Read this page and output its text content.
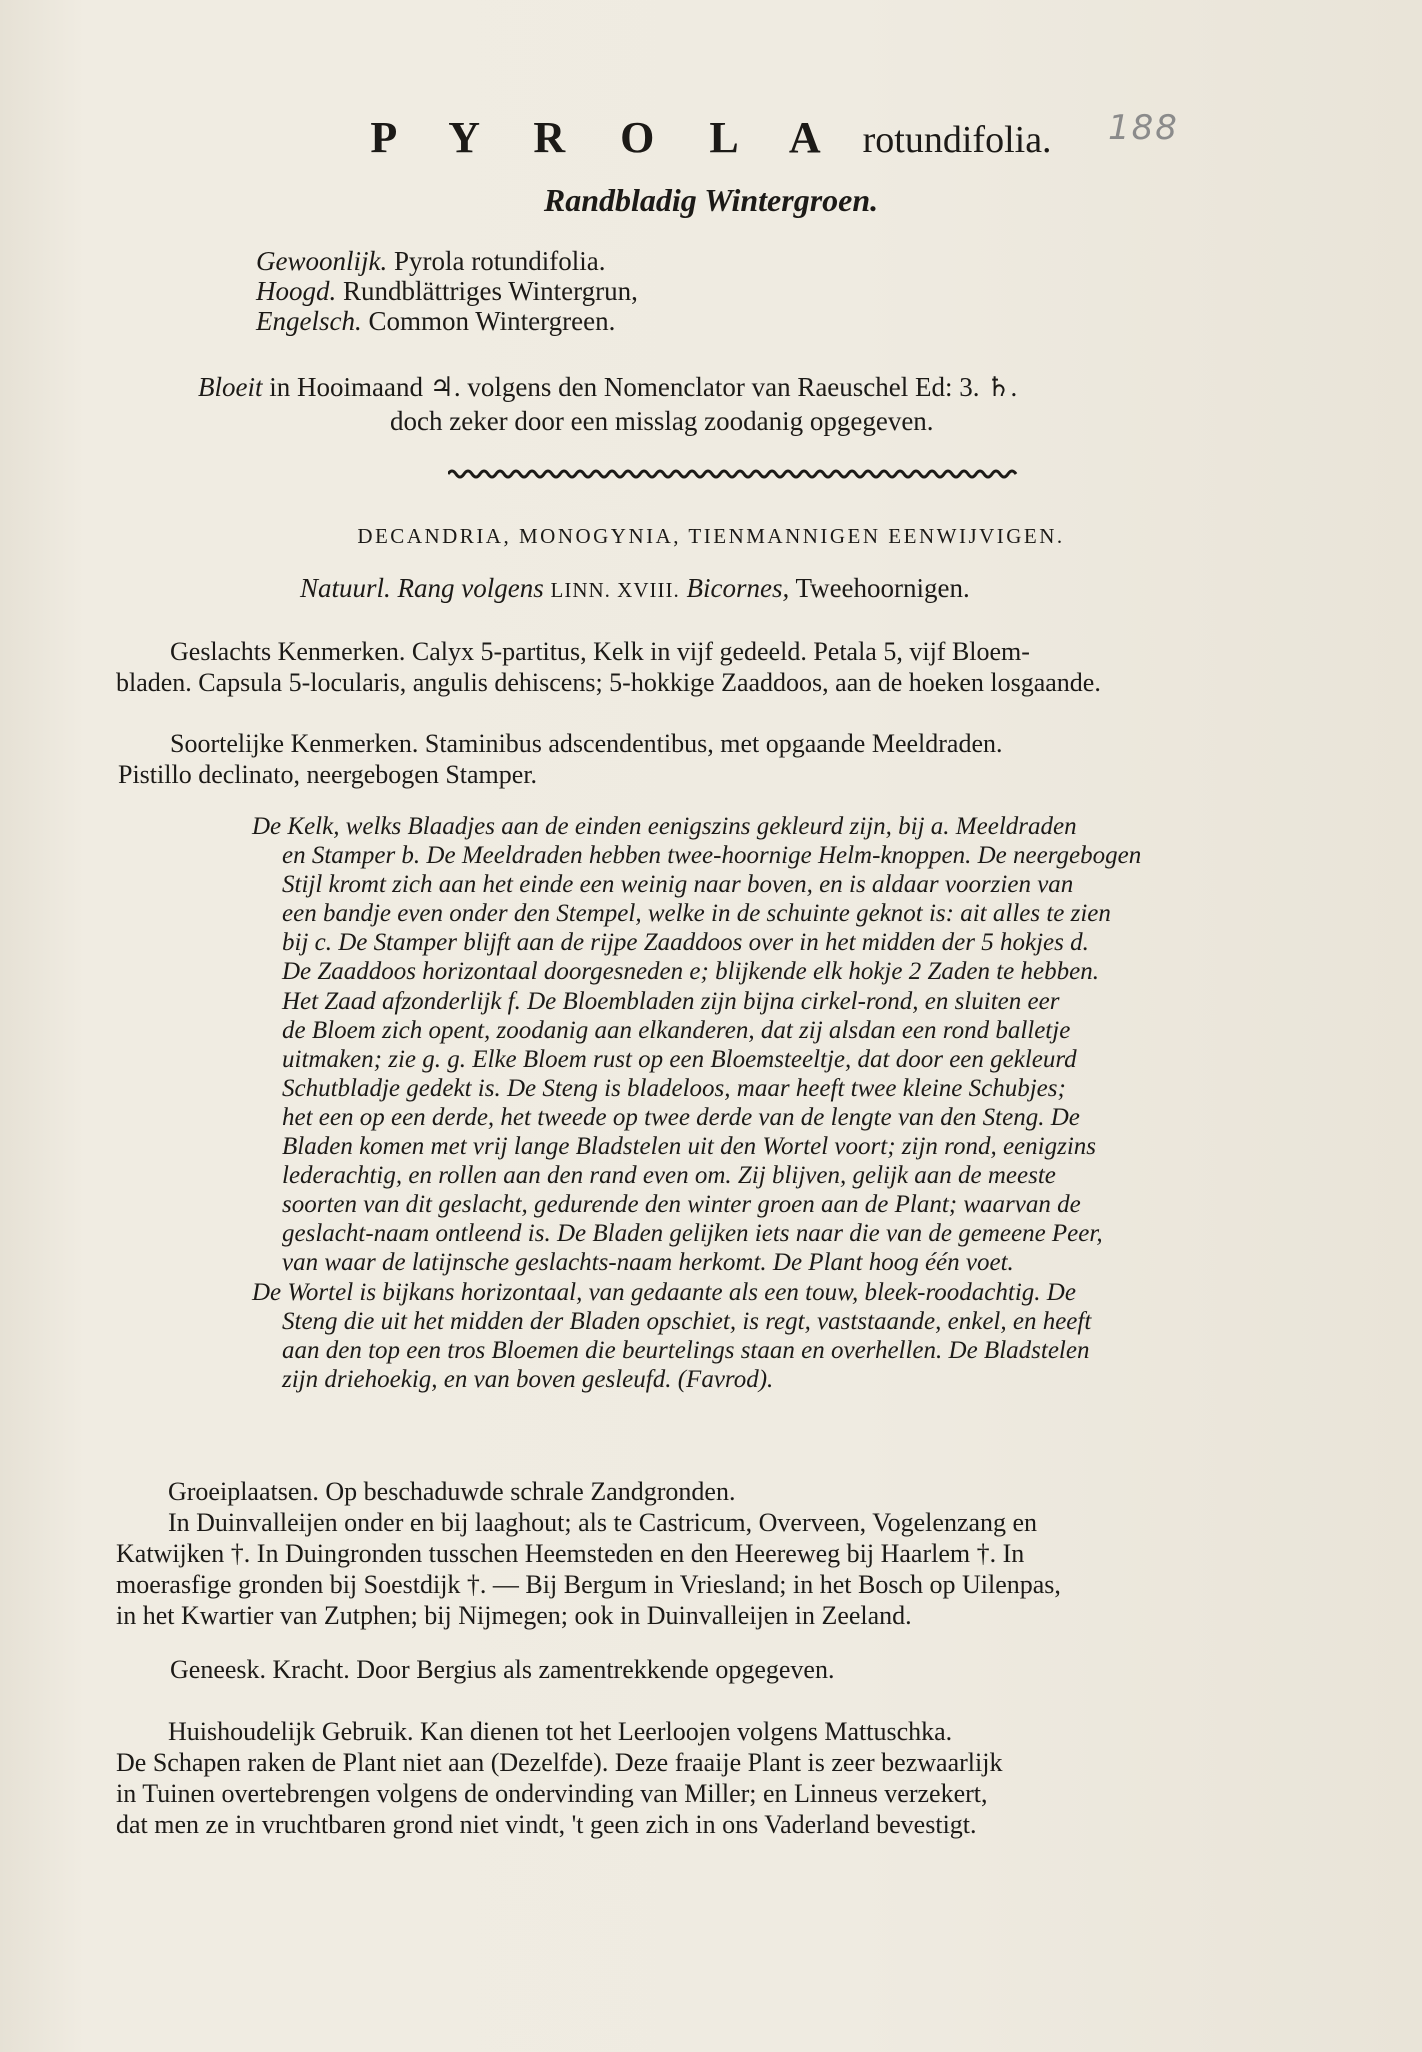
P Y R O L A rotundifolia.	188
Randbladig Wintergroen.
Gewoonlijk. Pyrola rotundifolia.
Hoogd. Rundblättriges Wintergrun,
Engelsch. Common Wintergreen.
Bloeit in Hooimaand ♃. volgens den Nomenclator van Raeuschel Ed: 3. ♄.
doch zeker door een misslag zoodanig opgegeven.
DECANDRIA, MONOGYNIA, TIENMANNIGEN EENWIJVIGEN.
Natuurl. Rang volgens LINN. XVIII. Bicornes, Tweehoornigen.
Geslachts Kenmerken. Calyx 5-partitus, Kelk in vijf gedeeld. Petala 5, vijf Bloem-
bladen. Capsula 5-locularis, angulis dehiscens; 5-hokkige Zaaddoos, aan de hoeken losgaande.
Soortelijke Kenmerken. Staminibus adscendentibus, met opgaande Meeldraden.
Pistillo declinato, neergebogen Stamper.
De Kelk, welks Blaadjes aan de einden eenigszins gekleurd zijn, bij a. Meeldraden
en Stamper b. De Meeldraden hebben twee-hoornige Helm-knoppen. De neergebogen
Stijl kromt zich aan het einde een weinig naar boven, en is aldaar voorzien van
een bandje even onder den Stempel, welke in de schuinte geknot is: ait alles te zien
bij c. De Stamper blijft aan de rijpe Zaaddoos over in het midden der 5 hokjes d.
De Zaaddoos horizontaal doorgesneden e; blijkende elk hokje 2 Zaden te hebben.
Het Zaad afzonderlijk f. De Bloembladen zijn bijna cirkel-rond, en sluiten eer
de Bloem zich opent, zoodanig aan elkanderen, dat zij alsdan een rond balletje
uitmaken; zie g. g. Elke Bloem rust op een Bloemsteeltje, dat door een gekleurd
Schutbladje gedekt is. De Steng is bladeloos, maar heeft twee kleine Schubjes;
het een op een derde, het tweede op twee derde van de lengte van den Steng. De
Bladen komen met vrij lange Bladstelen uit den Wortel voort; zijn rond, eenigzins
lederachtig, en rollen aan den rand even om. Zij blijven, gelijk aan de meeste
soorten van dit geslacht, gedurende den winter groen aan de Plant; waarvan de
geslacht-naam ontleend is. De Bladen gelijken iets naar die van de gemeene Peer,
van waar de latijnsche geslachts-naam herkomt. De Plant hoog één voet.
De Wortel is bijkans horizontaal, van gedaante als een touw, bleek-roodachtig. De
Steng die uit het midden der Bladen opschiet, is regt, vaststaande, enkel, en heeft
aan den top een tros Bloemen die beurtelings staan en overhellen. De Bladstelen
zijn driehoekig, en van boven gesleufd. (Favrod).
Groeiplaatsen. Op beschaduwde schrale Zandgronden.
In Duinvalleijen onder en bij laaghout; als te Castricum, Overveen, Vogelenzang en
Katwijken †. In Duingronden tusschen Heemsteden en den Heereweg bij Haarlem †. In
moerasfige gronden bij Soestdijk †. — Bij Bergum in Vriesland; in het Bosch op Uilenpas,
in het Kwartier van Zutphen; bij Nijmegen; ook in Duinvalleijen in Zeeland.
Geneesk. Kracht. Door Bergius als zamentrekkende opgegeven.
Huishoudelijk Gebruik. Kan dienen tot het Leerloojen volgens Mattuschka.
De Schapen raken de Plant niet aan (Dezelfde). Deze fraaije Plant is zeer bezwaarlijk
in Tuinen overtebrengen volgens de ondervinding van Miller; en Linneus verzekert,
dat men ze in vruchtbaren grond niet vindt, 't geen zich in ons Vaderland bevestigt.
